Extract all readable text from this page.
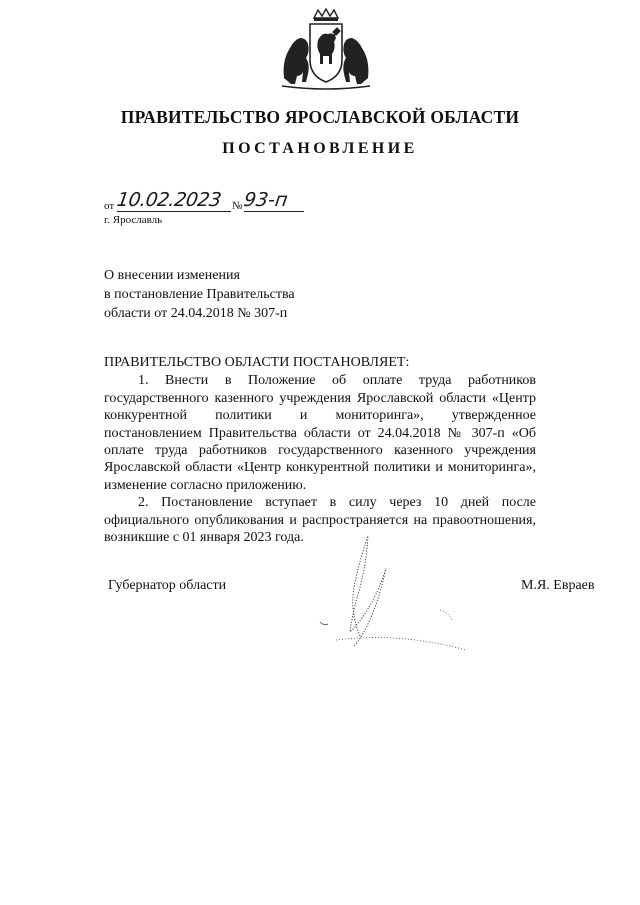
ПРАВИТЕЛЬСТВО ЯРОСЛАВСКОЙ ОБЛАСТИ
ПОСТАНОВЛЕНИЕ
от 10.02.2023 № 93-п
г. Ярославль
О внесении изменения
в постановление Правительства
области от 24.04.2018 № 307-п
ПРАВИТЕЛЬСТВО ОБЛАСТИ ПОСТАНОВЛЯЕТ:

1. Внести в Положение об оплате труда работников государственного казенного учреждения Ярославской области «Центр конкурентной политики и мониторинга», утвержденное постановлением Правительства области от 24.04.2018 № 307-п «Об оплате труда работников государственного казенного учреждения Ярославской области «Центр конкурентной политики и мониторинга», изменение согласно приложению.

2. Постановление вступает в силу через 10 дней после официального опубликования и распространяется на правоотношения, возникшие с 01 января 2023 года.

Губернатор области	М.Я. Евраев
